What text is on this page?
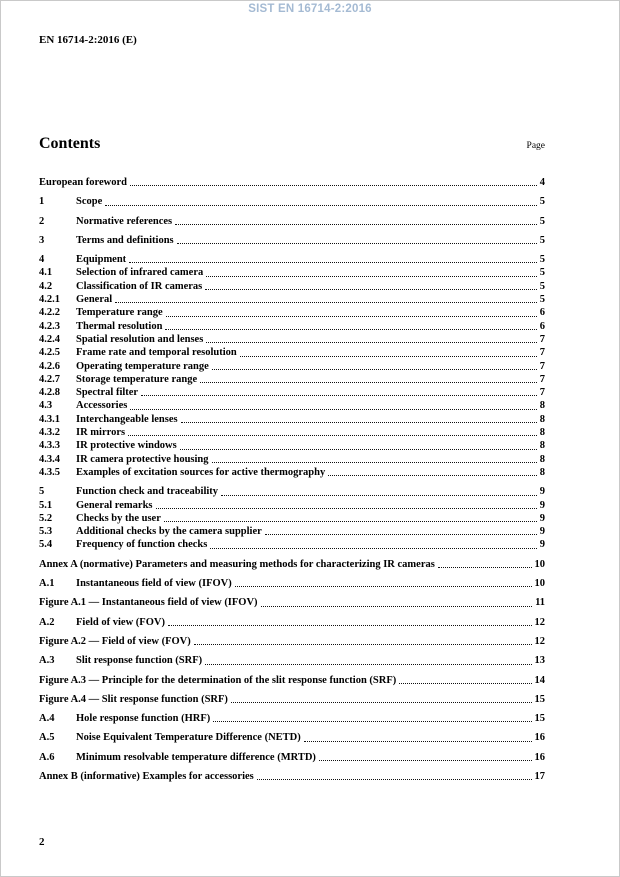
SIST EN 16714-2:2016
EN 16714-2:2016 (E)
Contents	Page
European foreword	4
1	Scope	5
2	Normative references	5
3	Terms and definitions	5
4	Equipment	5
4.1	Selection of infrared camera	5
4.2	Classification of IR cameras	5
4.2.1	General	5
4.2.2	Temperature range	6
4.2.3	Thermal resolution	6
4.2.4	Spatial resolution and lenses	7
4.2.5	Frame rate and temporal resolution	7
4.2.6	Operating temperature range	7
4.2.7	Storage temperature range	7
4.2.8	Spectral filter	7
4.3	Accessories	8
4.3.1	Interchangeable lenses	8
4.3.2	IR mirrors	8
4.3.3	IR protective windows	8
4.3.4	IR camera protective housing	8
4.3.5	Examples of excitation sources for active thermography	8
5	Function check and traceability	9
5.1	General remarks	9
5.2	Checks by the user	9
5.3	Additional checks by the camera supplier	9
5.4	Frequency of function checks	9
Annex A (normative) Parameters and measuring methods for characterizing IR cameras	10
A.1	Instantaneous field of view (IFOV)	10
Figure A.1 — Instantaneous field of view (IFOV)	11
A.2	Field of view (FOV)	12
Figure A.2 — Field of view (FOV)	12
A.3	Slit response function (SRF)	13
Figure A.3 — Principle for the determination of the slit response function (SRF)	14
Figure A.4 — Slit response function (SRF)	15
A.4	Hole response function (HRF)	15
A.5	Noise Equivalent Temperature Difference (NETD)	16
A.6	Minimum resolvable temperature difference (MRTD)	16
Annex B (informative) Examples for accessories	17
2
